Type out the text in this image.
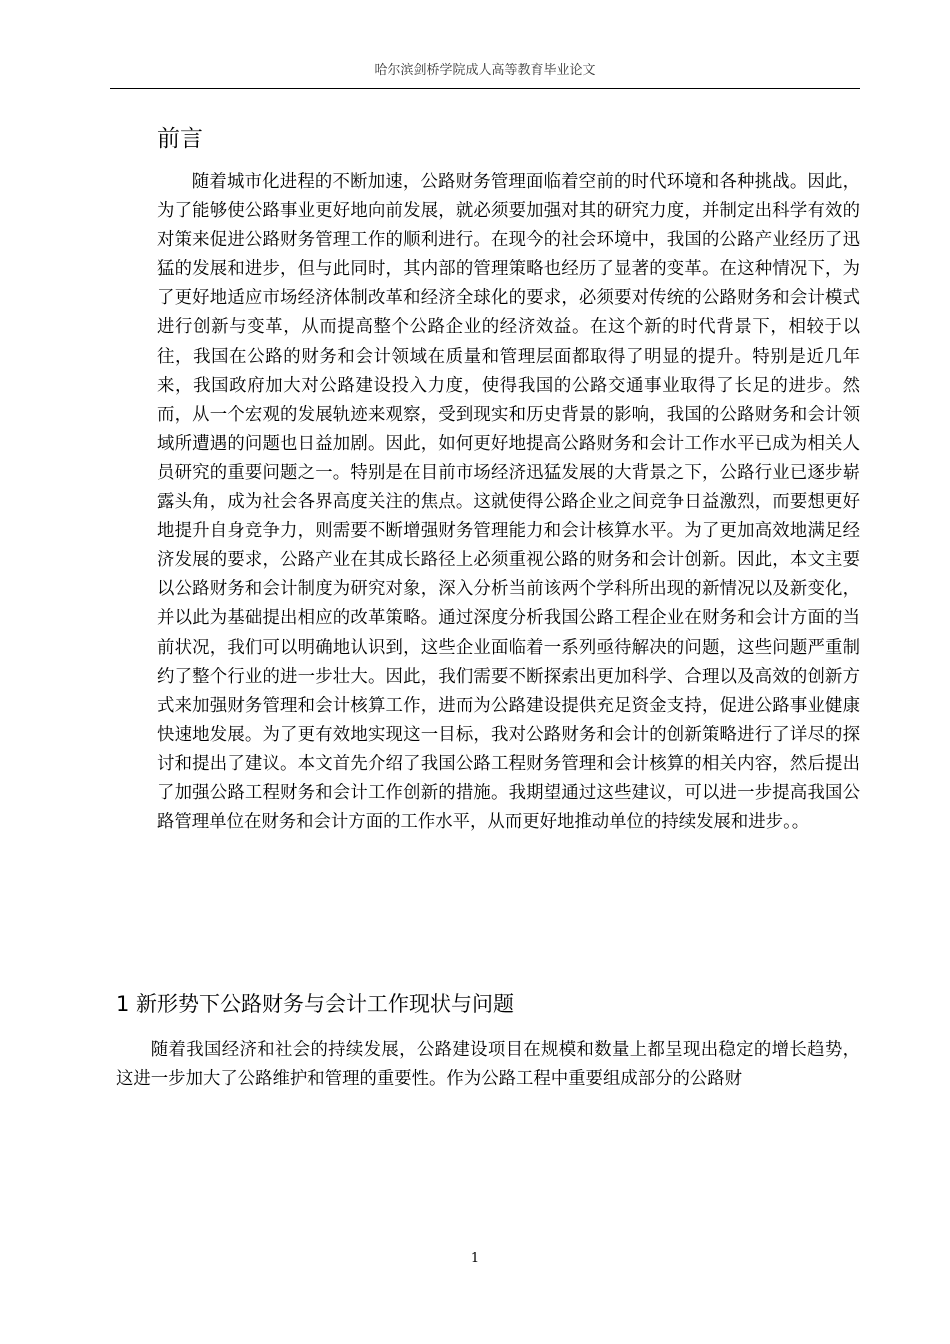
哈尔滨剑桥学院成人高等教育毕业论文
前言

随着城市化进程的不断加速，公路财务管理面临着空前的时代环境和各种挑战。因此，为了能够使公路事业更好地向前发展，就必须要加强对其的研究力度，并制定出科学有效的对策来促进公路财务管理工作的顺利进行。在现今的社会环境中，我国的公路产业经历了迅猛的发展和进步，但与此同时，其内部的管理策略也经历了显著的变革。在这种情况下，为了更好地适应市场经济体制改革和经济全球化的要求，必须要对传统的公路财务和会计模式进行创新与变革，从而提高整个公路企业的经济效益。在这个新的时代背景下，相较于以往，我国在公路的财务和会计领域在质量和管理层面都取得了明显的提升。特别是近几年来，我国政府加大对公路建设投入力度，使得我国的公路交通事业取得了长足的进步。然而，从一个宏观的发展轨迹来观察，受到现实和历史背景的影响，我国的公路财务和会计领域所遭遇的问题也日益加剧。因此，如何更好地提高公路财务和会计工作水平已成为相关人员研究的重要问题之一。特别是在目前市场经济迅猛发展的大背景之下，公路行业已逐步崭露头角，成为社会各界高度关注的焦点。这就使得公路企业之间竞争日益激烈，而要想更好地提升自身竞争力，则需要不断增强财务管理能力和会计核算水平。为了更加高效地满足经济发展的要求，公路产业在其成长路径上必须重视公路的财务和会计创新。因此，本文主要以公路财务和会计制度为研究对象，深入分析当前该两个学科所出现的新情况以及新变化，并以此为基础提出相应的改革策略。通过深度分析我国公路工程企业在财务和会计方面的当前状况，我们可以明确地认识到，这些企业面临着一系列亟待解决的问题，这些问题严重制约了整个行业的进一步壮大。因此，我们需要不断探索出更加科学、合理以及高效的创新方式来加强财务管理和会计核算工作，进而为公路建设提供充足资金支持，促进公路事业健康快速地发展。为了更有效地实现这一目标，我对公路财务和会计的创新策略进行了详尽的探讨和提出了建议。本文首先介绍了我国公路工程财务管理和会计核算的相关内容，然后提出了加强公路工程财务和会计工作创新的措施。我期望通过这些建议，可以进一步提高我国公路管理单位在财务和会计方面的工作水平，从而更好地推动单位的持续发展和进步。。

1 新形势下公路财务与会计工作现状与问题

随着我国经济和社会的持续发展，公路建设项目在规模和数量上都呈现出稳定的增长趋势，这进一步加大了公路维护和管理的重要性。作为公路工程中重要组成部分的公路财

1
